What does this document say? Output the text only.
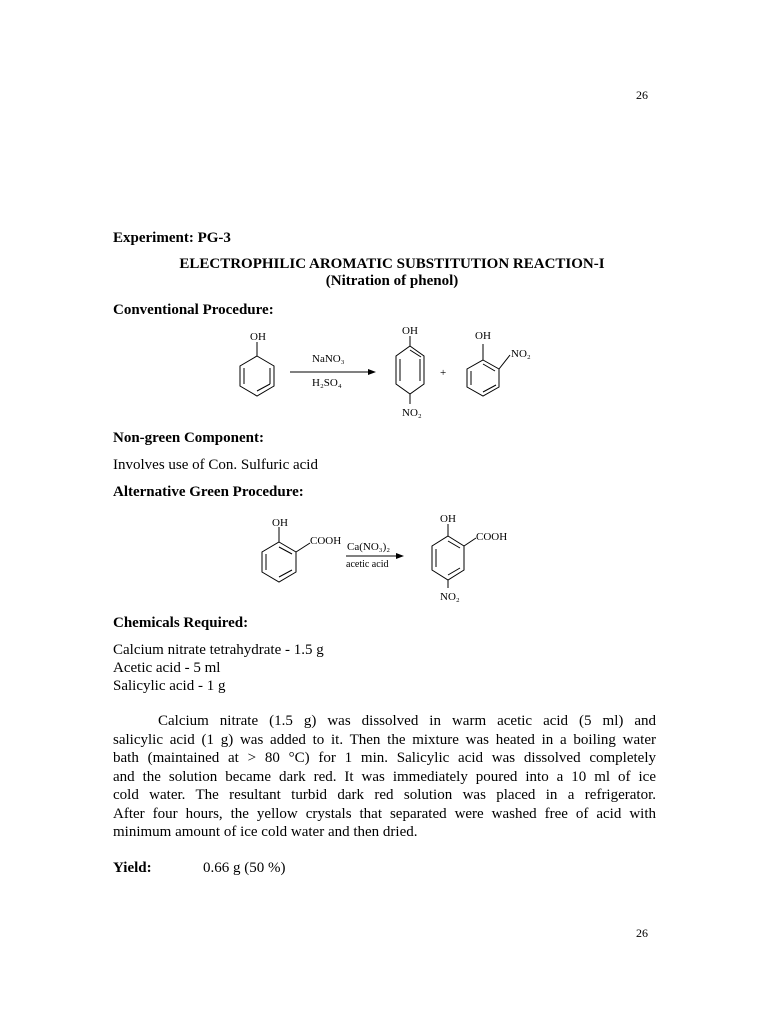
26
Experiment: PG-3
ELECTROPHILIC AROMATIC SUBSTITUTION REACTION-I
(Nitration of phenol)
Conventional Procedure:
OH
NaNO₃
H₂SO₄
OH
NO₂
+
OH
NO₂
Non-green Component:
Involves use of Con. Sulfuric acid
Alternative Green Procedure:
OH
COOH Ca(NO₃)₂
acetic acid
OH
COOH
NO₂
Chemicals Required:
Calcium nitrate tetrahydrate - 1.5 g
Acetic acid - 5 ml
Salicylic acid - 1 g
Calcium nitrate (1.5 g) was dissolved in warm acetic acid (5 ml) and
salicylic acid (1 g) was added to it. Then the mixture was heated in a boiling water
bath (maintained at > 80 °C) for 1 min. Salicylic acid was dissolved completely
and the solution became dark red. It was immediately poured into a 10 ml of ice
cold water. The resultant turbid dark red solution was placed in a refrigerator.
After four hours, the yellow crystals that separated were washed free of acid with
minimum amount of ice cold water and then dried.
Yield:	0.66 g (50 %)
26
